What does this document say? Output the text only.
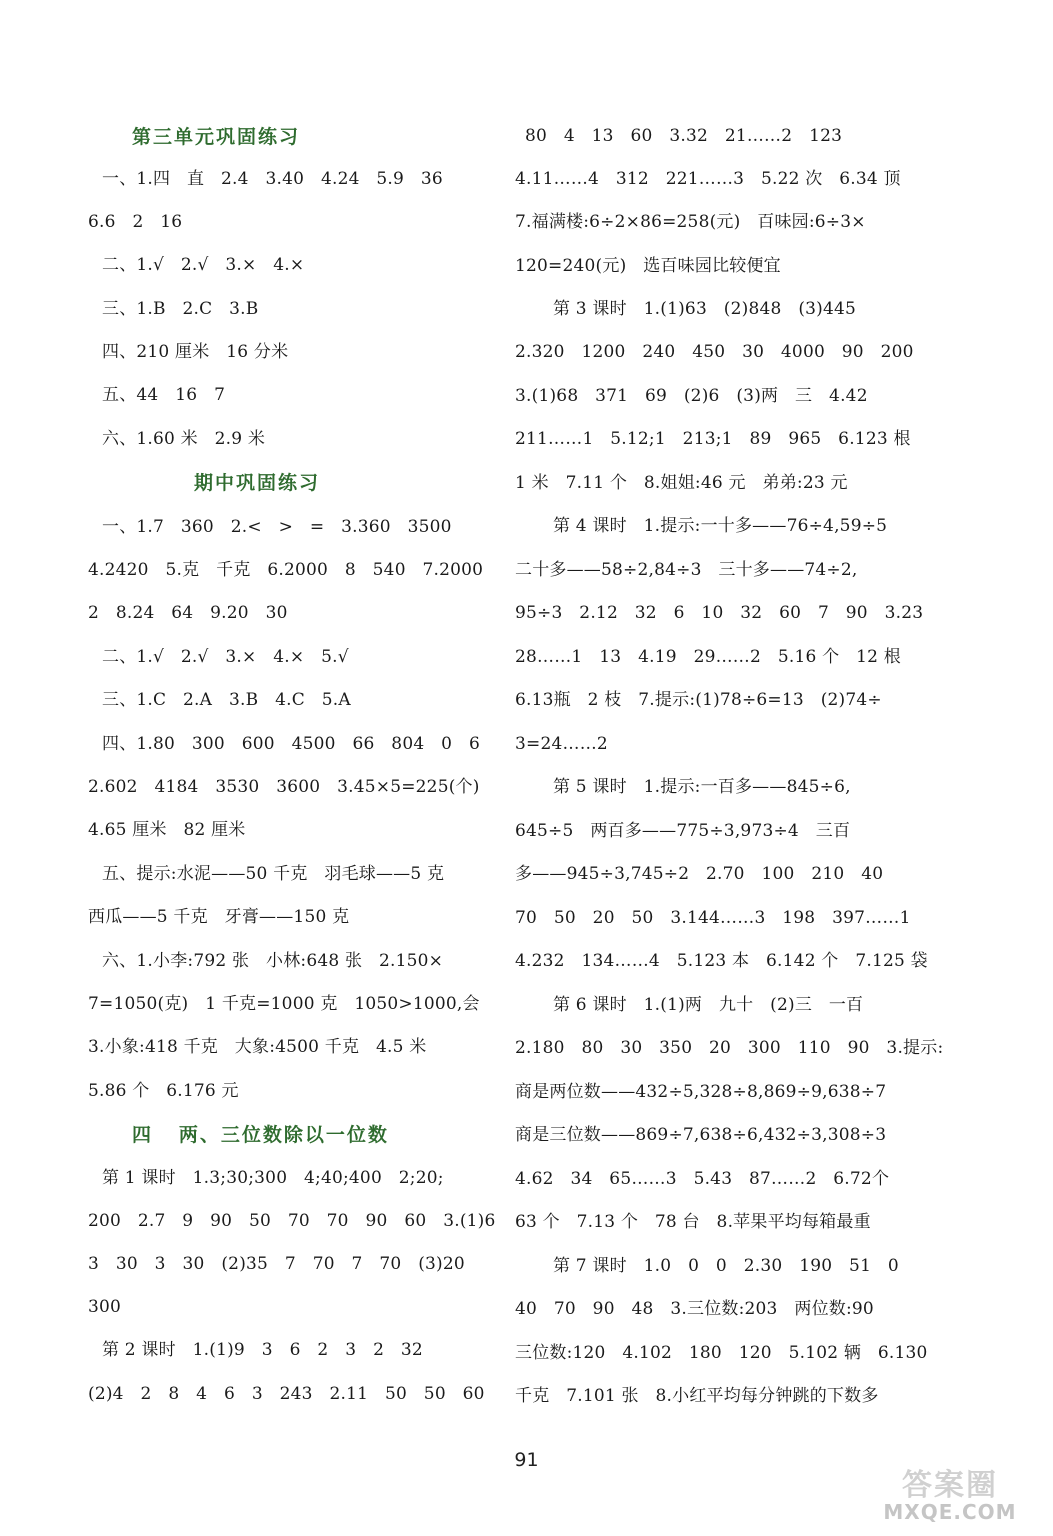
第三单元巩固练习
一、1.四   直   2.4   3.40   4.24   5.9   36
6.6   2   16
二、1.√   2.√   3.×   4.×
三、1.B   2.C   3.B
四、210 厘米   16 分米
五、44   16   7
六、1.60 米   2.9 米
期中巩固练习
一、1.7   360   2.<   >   =   3.360   3500
4.2420   5.克   千克   6.2000   8   540   7.2000
2   8.24   64   9.20   30
二、1.√   2.√   3.×   4.×   5.√
三、1.C   2.A   3.B   4.C   5.A
四、1.80   300   600   4500   66   804   0   6
2.602   4184   3530   3600   3.45×5=225(个)
4.65 厘米   82 厘米
五、提示:水泥——50 千克   羽毛球——5 克
西瓜——5 千克   牙膏——150 克
六、1.小李:792 张   小林:648 张   2.150×
7=1050(克)   1 千克=1000 克   1050>1000,会
3.小象:418 千克   大象:4500 千克   4.5 米
5.86 个   6.176 元
四   两、三位数除以一位数
第 1 课时   1.3;30;300   4;40;400   2;20;
200   2.7   9   90   50   70   70   90   60   3.(1)6
3   30   3   30   (2)35   7   70   7   70   (3)20
300
第 2 课时   1.(1)9   3   6   2   3   2   32
(2)4   2   8   4   6   3   243   2.11   50   50   60
80   4   13   60   3.32   21……2   123
4.11……4   312   221……3   5.22 次   6.34 顶
7.福满楼:6÷2×86=258(元)   百味园:6÷3×
120=240(元)   选百味园比较便宜
第 3 课时   1.(1)63   (2)848   (3)445
2.320   1200   240   450   30   4000   90   200
3.(1)68   371   69   (2)6   (3)两   三   4.42
211……1   5.12;1   213;1   89   965   6.123 根
1 米   7.11 个   8.姐姐:46 元   弟弟:23 元
第 4 课时   1.提示:一十多——76÷4,59÷5
二十多——58÷2,84÷3   三十多——74÷2,
95÷3   2.12   32   6   10   32   60   7   90   3.23
28……1   13   4.19   29……2   5.16 个   12 根
6.13瓶   2 枝   7.提示:(1)78÷6=13   (2)74÷
3=24……2
第 5 课时   1.提示:一百多——845÷6,
645÷5   两百多——775÷3,973÷4   三百
多——945÷3,745÷2   2.70   100   210   40
70   50   20   50   3.144……3   198   397……1
4.232   134……4   5.123 本   6.142 个   7.125 袋
第 6 课时   1.(1)两   九十   (2)三   一百
2.180   80   30   350   20   300   110   90   3.提示:
商是两位数——432÷5,328÷8,869÷9,638÷7
商是三位数——869÷7,638÷6,432÷3,308÷3
4.62   34   65……3   5.43   87……2   6.72个
63 个   7.13 个   78 台   8.苹果平均每箱最重
第 7 课时   1.0   0   0   2.30   190   51   0
40   70   90   48   3.三位数:203   两位数:90
三位数:120   4.102   180   120   5.102 辆   6.130
千克   7.101 张   8.小红平均每分钟跳的下数多
91
答案圈
MXQE.COM
